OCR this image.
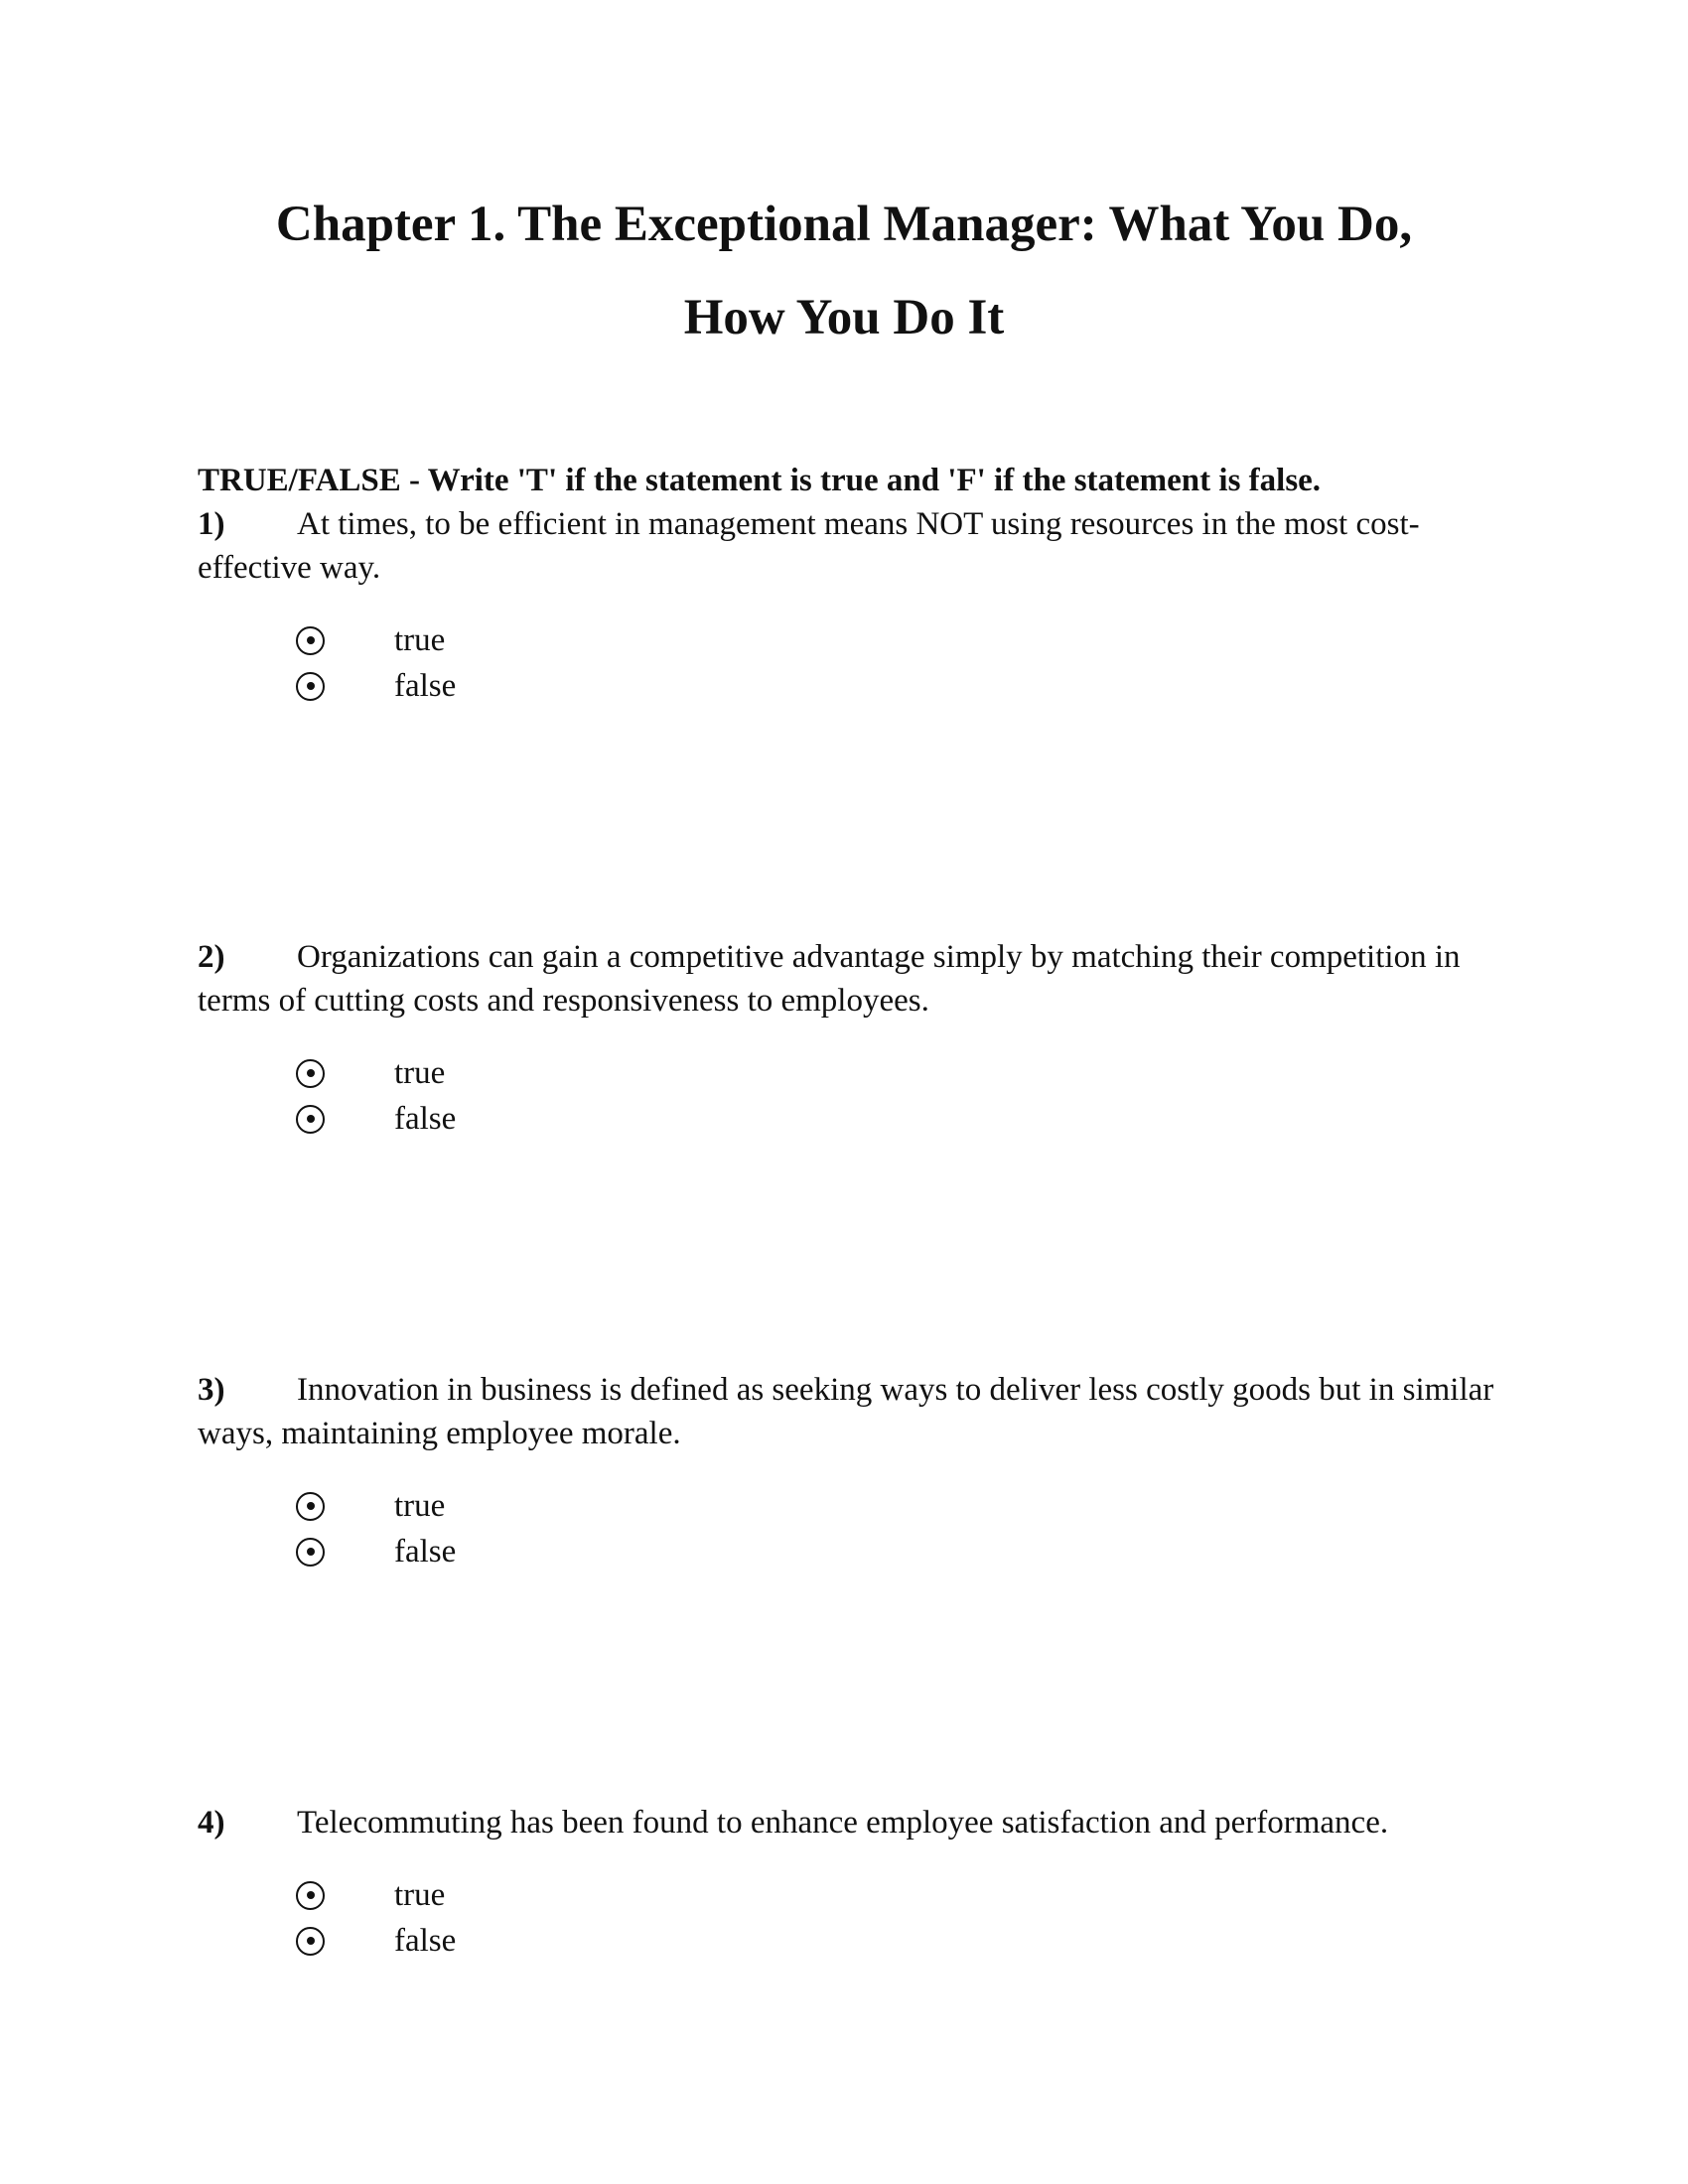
Chapter 1. The Exceptional Manager: What You Do,
How You Do It
TRUE/FALSE - Write 'T' if the statement is true and 'F' if the statement is false.

1) At times, to be efficient in management means NOT using resources in the most cost-effective way.

true
false

2) Organizations can gain a competitive advantage simply by matching their competition in terms of cutting costs and responsiveness to employees.

true
false

3) Innovation in business is defined as seeking ways to deliver less costly goods but in similar ways, maintaining employee morale.

true
false

4) Telecommuting has been found to enhance employee satisfaction and performance.

true
false
